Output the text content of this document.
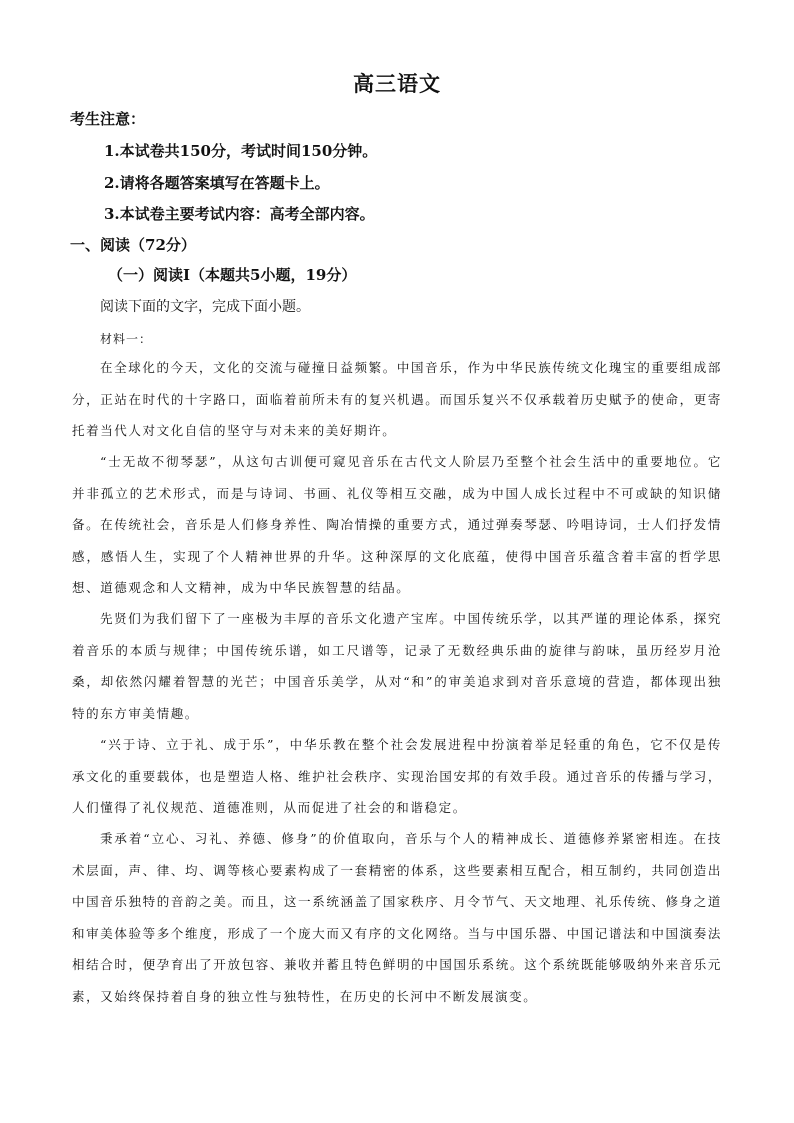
高三语文
考生注意：
1.本试卷共150分，考试时间150分钟。
2.请将各题答案填写在答题卡上。
3.本试卷主要考试内容：高考全部内容。
一、阅读（72分）
（一）阅读I（本题共5小题，19分）
阅读下面的文字，完成下面小题。
材料一：

在全球化的今天，文化的交流与碰撞日益频繁。中国音乐，作为中华民族传统文化瑰宝的重要组成部分，正站在时代的十字路口，面临着前所未有的复兴机遇。而国乐复兴不仅承载着历史赋予的使命，更寄托着当代人对文化自信的坚守与对未来的美好期许。

“士无故不彻琴瑟”，从这句古训便可窥见音乐在古代文人阶层乃至整个社会生活中的重要地位。它并非孤立的艺术形式，而是与诗词、书画、礼仪等相互交融，成为中国人成长过程中不可或缺的知识储备。在传统社会，音乐是人们修身养性、陶冶情操的重要方式，通过弹奏琴瑟、吟唱诗词，士人们抒发情感，感悟人生，实现了个人精神世界的升华。这种深厚的文化底蕴，使得中国音乐蕴含着丰富的哲学思想、道德观念和人文精神，成为中华民族智慧的结晶。

先贤们为我们留下了一座极为丰厚的音乐文化遗产宝库。中国传统乐学，以其严谨的理论体系，探究着音乐的本质与规律；中国传统乐谱，如工尺谱等，记录了无数经典乐曲的旋律与韵味，虽历经岁月沧桑，却依然闪耀着智慧的光芒；中国音乐美学，从对“和”的审美追求到对音乐意境的营造，都体现出独特的东方审美情趣。

“兴于诗、立于礼、成于乐”，中华乐教在整个社会发展进程中扮演着举足轻重的角色，它不仅是传承文化的重要载体，也是塑造人格、维护社会秩序、实现治国安邦的有效手段。通过音乐的传播与学习，人们懂得了礼仪规范、道德准则，从而促进了社会的和谐稳定。

秉承着“立心、习礼、养德、修身”的价值取向，音乐与个人的精神成长、道德修养紧密相连。在技术层面，声、律、均、调等核心要素构成了一套精密的体系，这些要素相互配合，相互制约，共同创造出中国音乐独特的音韵之美。而且，这一系统涵盖了国家秩序、月令节气、天文地理、礼乐传统、修身之道和审美体验等多个维度，形成了一个庞大而又有序的文化网络。当与中国乐器、中国记谱法和中国演奏法相结合时，便孕育出了开放包容、兼收并蓄且特色鲜明的中国国乐系统。这个系统既能够吸纳外来音乐元素，又始终保持着自身的独立性与独特性，在历史的长河中不断发展演变。
